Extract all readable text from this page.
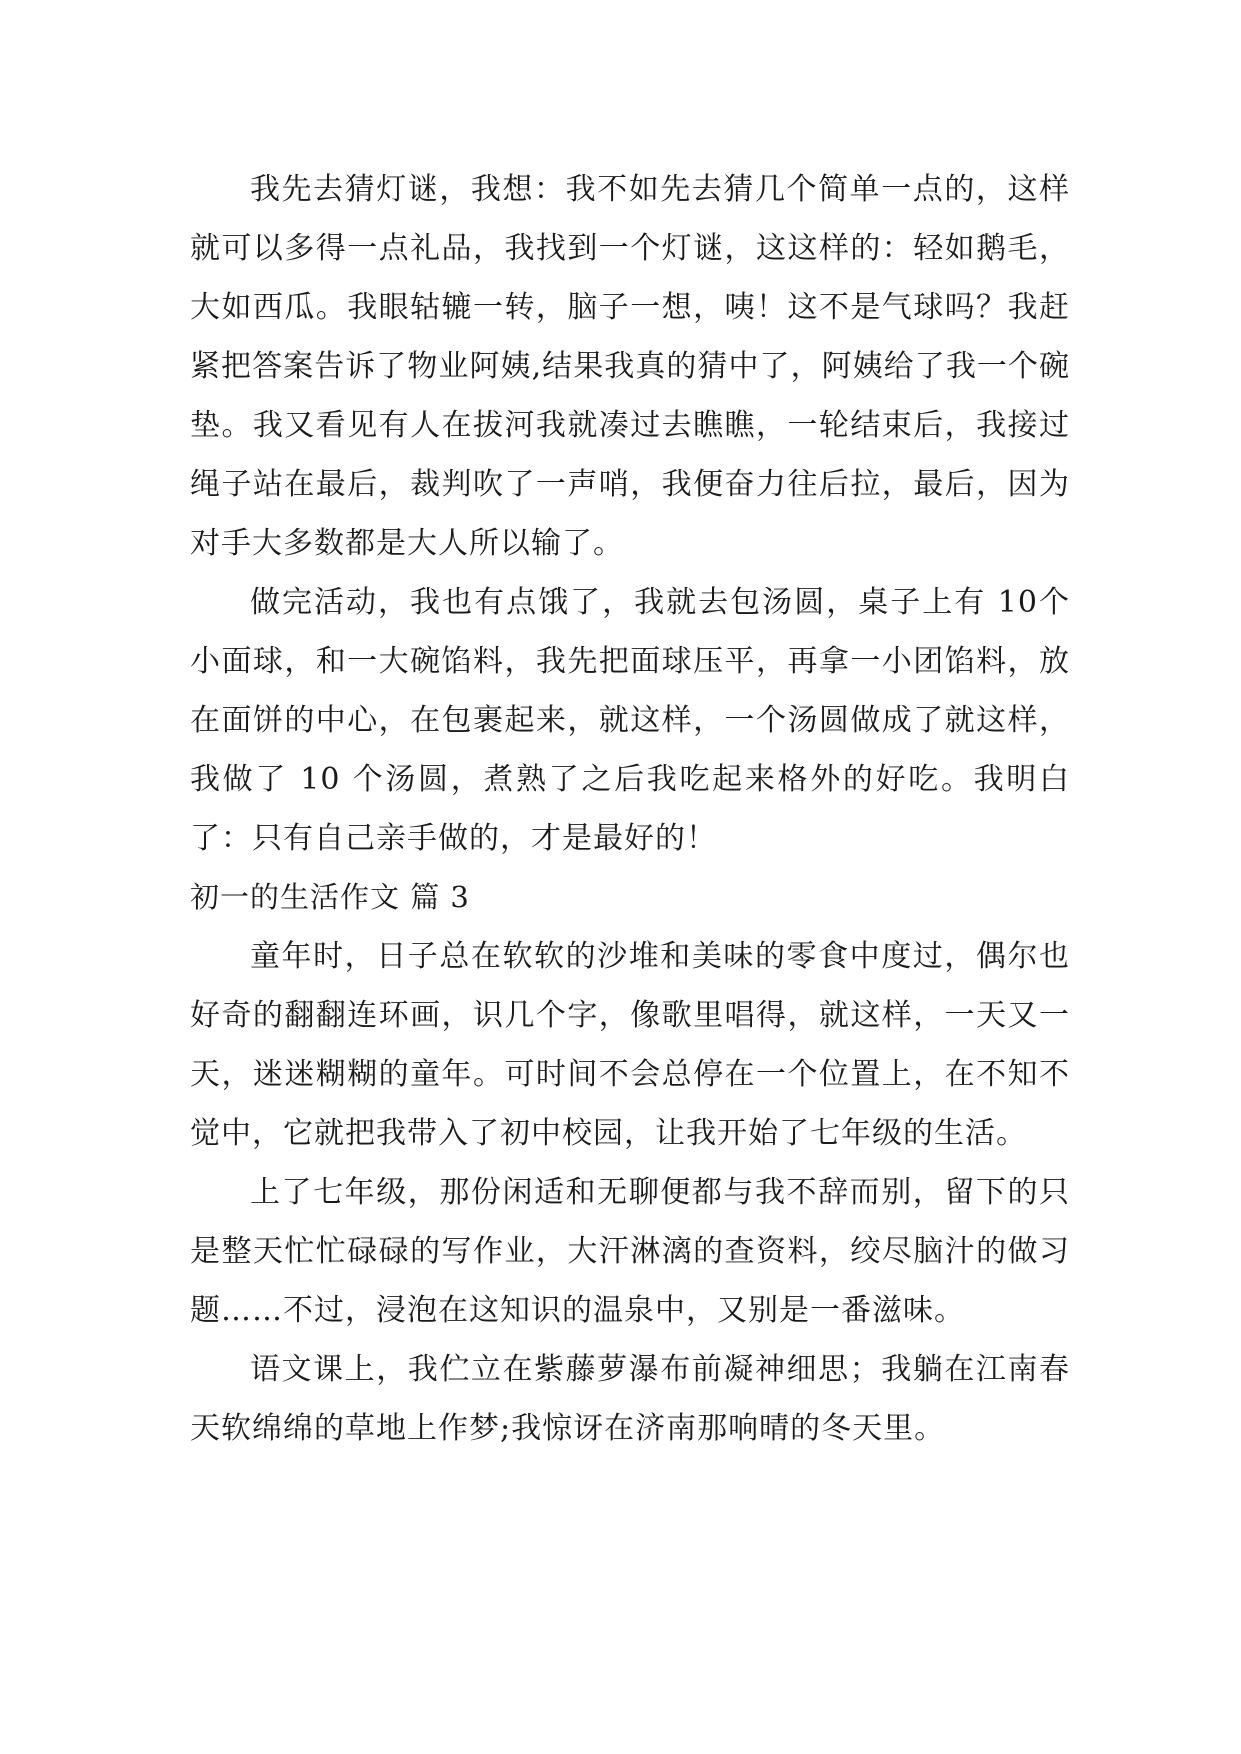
我先去猜灯谜，我想：我不如先去猜几个简单一点的，这样就可以多得一点礼品，我找到一个灯谜，这这样的：轻如鹅毛，大如西瓜。我眼轱辘一转，脑子一想，咦！这不是气球吗？我赶紧把答案告诉了物业阿姨,结果我真的猜中了，阿姨给了我一个碗垫。我又看见有人在拔河我就凑过去瞧瞧，一轮结束后，我接过绳子站在最后，裁判吹了一声哨，我便奋力往后拉，最后，因为对手大多数都是大人所以输了。

做完活动，我也有点饿了，我就去包汤圆，桌子上有 10个小面球，和一大碗馅料，我先把面球压平，再拿一小团馅料，放在面饼的中心，在包裹起来，就这样，一个汤圆做成了就这样，我做了 10 个汤圆，煮熟了之后我吃起来格外的好吃。我明白了：只有自己亲手做的，才是最好的！

初一的生活作文 篇 3

童年时，日子总在软软的沙堆和美味的零食中度过，偶尔也好奇的翻翻连环画，识几个字，像歌里唱得，就这样，一天又一天，迷迷糊糊的童年。可时间不会总停在一个位置上，在不知不觉中，它就把我带入了初中校园，让我开始了七年级的生活。

上了七年级，那份闲适和无聊便都与我不辞而别，留下的只是整天忙忙碌碌的写作业，大汗淋漓的查资料，绞尽脑汁的做习题……不过，浸泡在这知识的温泉中，又别是一番滋味。

语文课上，我伫立在紫藤萝瀑布前凝神细思；我躺在江南春天软绵绵的草地上作梦;我惊讶在济南那响晴的冬天里。
